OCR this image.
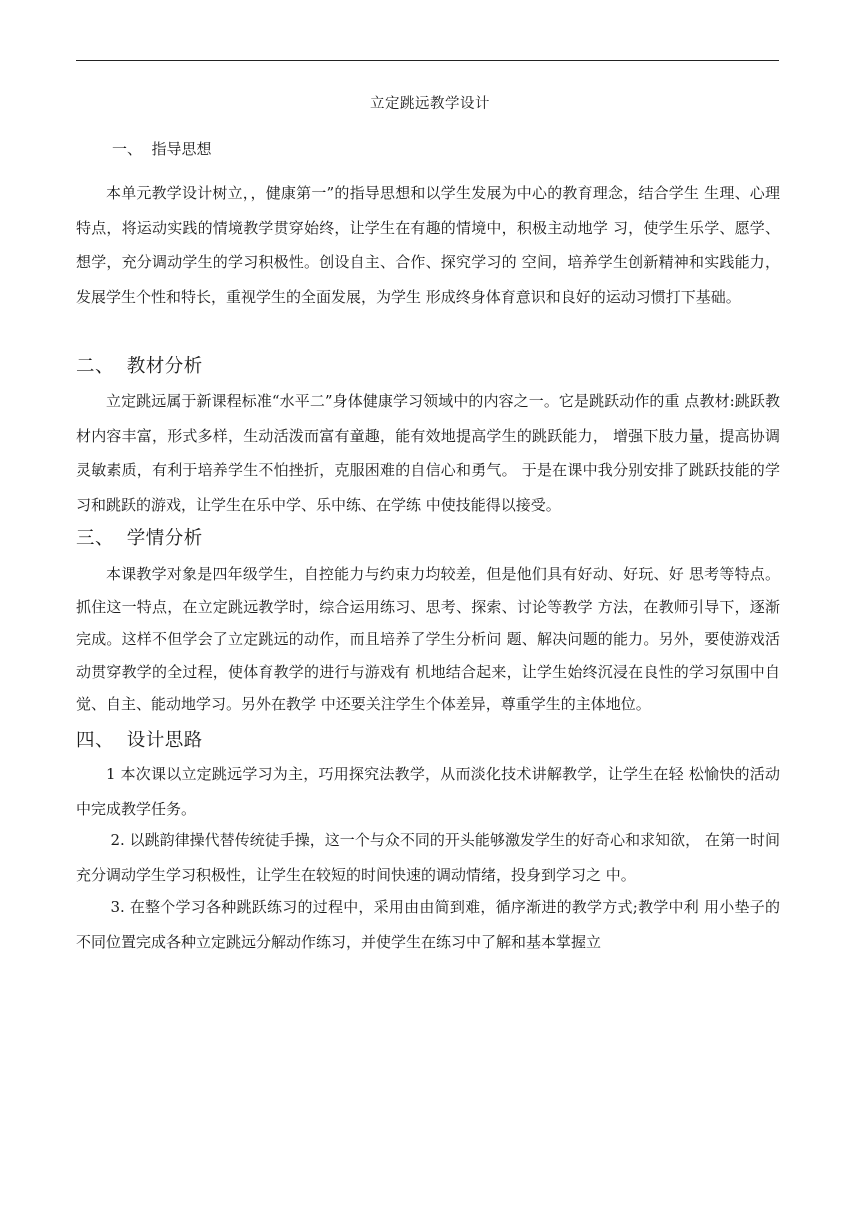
立定跳远教学设计
一、  指导思想

本单元教学设计树立，，健康第一”的指导思想和以学生发展为中心的教育理念，结合学生 生理、心理特点，将运动实践的情境教学贯穿始终，让学生在有趣的情境中，积极主动地学 习，使学生乐学、愿学、想学，充分调动学生的学习积极性。创设自主、合作、探究学习的 空间，培养学生创新精神和实践能力，发展学生个性和特长，重视学生的全面发展，为学生 形成终身体育意识和良好的运动习惯打下基础。

二、  教材分析

立定跳远属于新课程标准“水平二”身体健康学习领域中的内容之一。它是跳跃动作的重 点教材:跳跃教材内容丰富，形式多样，生动活泼而富有童趣，能有效地提高学生的跳跃能力， 增强下肢力量，提高协调灵敏素质，有利于培养学生不怕挫折，克服困难的自信心和勇气。 于是在课中我分别安排了跳跃技能的学习和跳跃的游戏，让学生在乐中学、乐中练、在学练 中使技能得以接受。

三、  学情分析

本课教学对象是四年级学生，自控能力与约束力均较差，但是他们具有好动、好玩、好 思考等特点。抓住这一特点，在立定跳远教学时，综合运用练习、思考、探索、讨论等教学 方法，在教师引导下，逐渐完成。这样不但学会了立定跳远的动作，而且培养了学生分析问 题、解决问题的能力。另外，要使游戏活动贯穿教学的全过程，使体育教学的进行与游戏有 机地结合起来，让学生始终沉浸在良性的学习氛围中自觉、自主、能动地学习。另外在教学 中还要关注学生个体差异，尊重学生的主体地位。

四、  设计思路

1 本次课以立定跳远学习为主，巧用探究法教学，从而淡化技术讲解教学，让学生在轻 松愉快的活动中完成教学任务。

2. 以跳韵律操代替传统徒手操，这一个与众不同的开头能够激发学生的好奇心和求知欲， 在第一时间充分调动学生学习积极性，让学生在较短的时间快速的调动情绪，投身到学习之 中。

3. 在整个学习各种跳跃练习的过程中，采用由由简到难，循序渐进的教学方式;教学中利 用小垫子的不同位置完成各种立定跳远分解动作练习，并使学生在练习中了解和基本掌握立
